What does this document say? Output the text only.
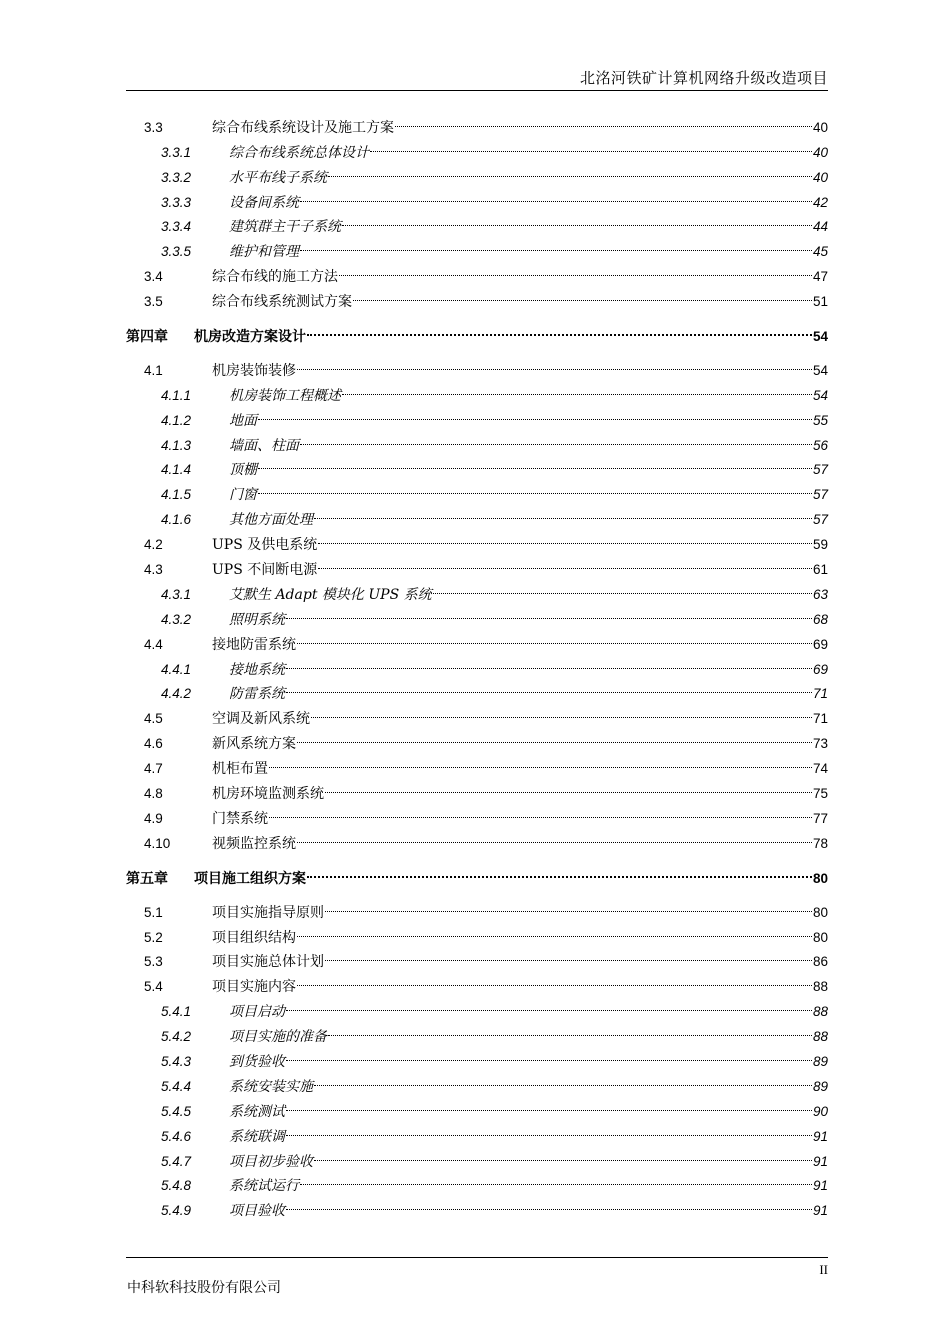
北洺河铁矿计算机网络升级改造项目
3.3	综合布线系统设计及施工方案	40
3.3.1	综合布线系统总体设计	40
3.3.2	水平布线子系统	40
3.3.3	设备间系统	42
3.3.4	建筑群主干子系统	44
3.3.5	维护和管理	45
3.4	综合布线的施工方法	47
3.5	综合布线系统测试方案	51
第四章	机房改造方案设计	54
4.1	机房装饰装修	54
4.1.1	机房装饰工程概述	54
4.1.2	地面	55
4.1.3	墙面、柱面	56
4.1.4	顶棚	57
4.1.5	门窗	57
4.1.6	其他方面处理	57
4.2	UPS 及供电系统	59
4.3	UPS 不间断电源	61
4.3.1	艾默生 Adapt 模块化 UPS 系统	63
4.3.2	照明系统	68
4.4	接地防雷系统	69
4.4.1	接地系统	69
4.4.2	防雷系统	71
4.5	空调及新风系统	71
4.6	新风系统方案	73
4.7	机柜布置	74
4.8	机房环境监测系统	75
4.9	门禁系统	77
4.10	视频监控系统	78
第五章	项目施工组织方案	80
5.1	项目实施指导原则	80
5.2	项目组织结构	80
5.3	项目实施总体计划	86
5.4	项目实施内容	88
5.4.1	项目启动	88
5.4.2	项目实施的准备	88
5.4.3	到货验收	89
5.4.4	系统安装实施	89
5.4.5	系统测试	90
5.4.6	系统联调	91
5.4.7	项目初步验收	91
5.4.8	系统试运行	91
5.4.9	项目验收	91
II
中科软科技股份有限公司
